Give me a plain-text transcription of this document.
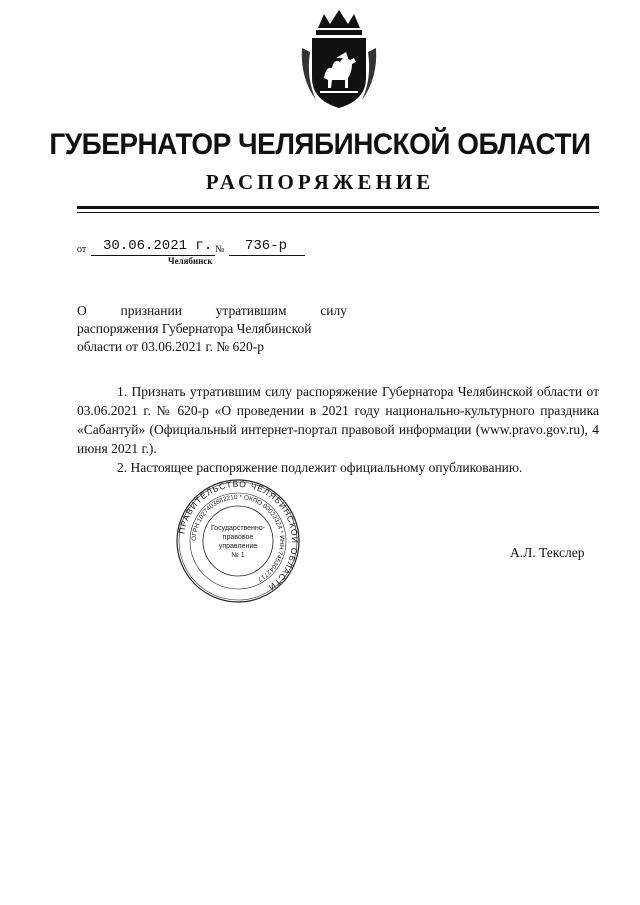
ГУБЕРНАТОР ЧЕЛЯБИНСКОЙ ОБЛАСТИ
РАСПОРЯЖЕНИЕ
от 30.06.2021 г. № 736-р
Челябинск
О признании утратившим силу
распоряжения Губернатора Челябинской
области от 03.06.2021 г. № 620-р

1. Признать утратившим силу распоряжение Губернатора Челябинской области от 03.06.2021 г. № 620-р «О проведении в 2021 году национально-культурного праздника «Сабантуй» (Официальный интернет-портал правовой информации (www.pravo.gov.ru), 4 июня 2021 г.).

2. Настоящее распоряжение подлежит официальному опубликованию.

ПРАВИТЕЛЬСТВО ЧЕЛЯБИНСКОЙ ОБЛАСТИ
ОГРН 1027403882210 * ОКПО 00022324 * ИНН 7453042717
Государственно-
правовое
управление
№ 1	А.Л. Текслер
